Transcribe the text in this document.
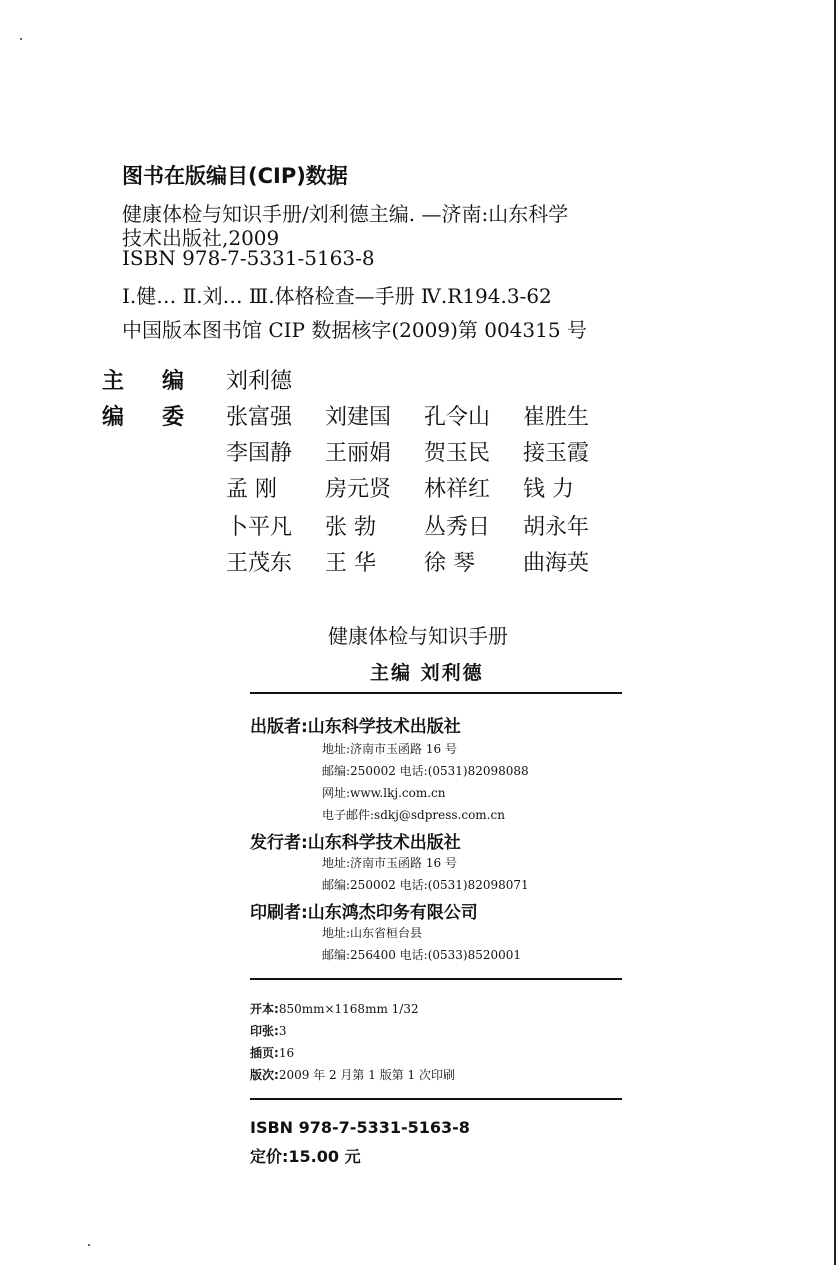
图书在版编目(CIP)数据
健康体检与知识手册/刘利德主编. —济南:山东科学
技术出版社,2009
ISBN 978-7-5331-5163-8
Ⅰ.健… Ⅱ.刘… Ⅲ.体格检查—手册 Ⅳ.R194.3-62
中国版本图书馆 CIP 数据核字(2009)第 004315 号
主编 刘利德
编委 张富强	刘建国	孔令山	崔胜生
李国静	王丽娟	贺玉民	接玉霞
孟 刚	房元贤	林祥红	钱 力
卜平凡	张 勃	丛秀日	胡永年
王茂东	王 华	徐 琴	曲海英
健康体检与知识手册
主编 刘利德
出版者:山东科学技术出版社
地址:济南市玉函路 16 号
邮编:250002 电话:(0531)82098088
网址:www.lkj.com.cn
电子邮件:sdkj@sdpress.com.cn
发行者:山东科学技术出版社
地址:济南市玉函路 16 号
邮编:250002 电话:(0531)82098071
印刷者:山东鸿杰印务有限公司
地址:山东省桓台县
邮编:256400 电话:(0533)8520001
开本:850mm×1168mm 1/32
印张:3
插页:16
版次:2009 年 2 月第 1 版第 1 次印刷
ISBN 978-7-5331-5163-8
定价:15.00 元
